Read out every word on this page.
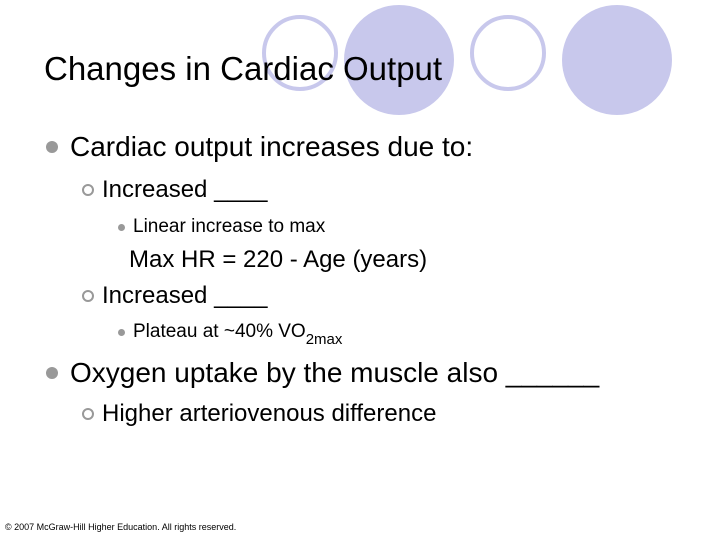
Changes in Cardiac Output
Cardiac output increases due to:
Increased ____
Linear increase to max
Max HR = 220 - Age (years)
Increased ____
Plateau at ~40% $VO_{2max}$
Oxygen uptake by the muscle also ______
Higher arteriovenous difference
© 2007 McGraw-Hill Higher Education. All rights reserved.
